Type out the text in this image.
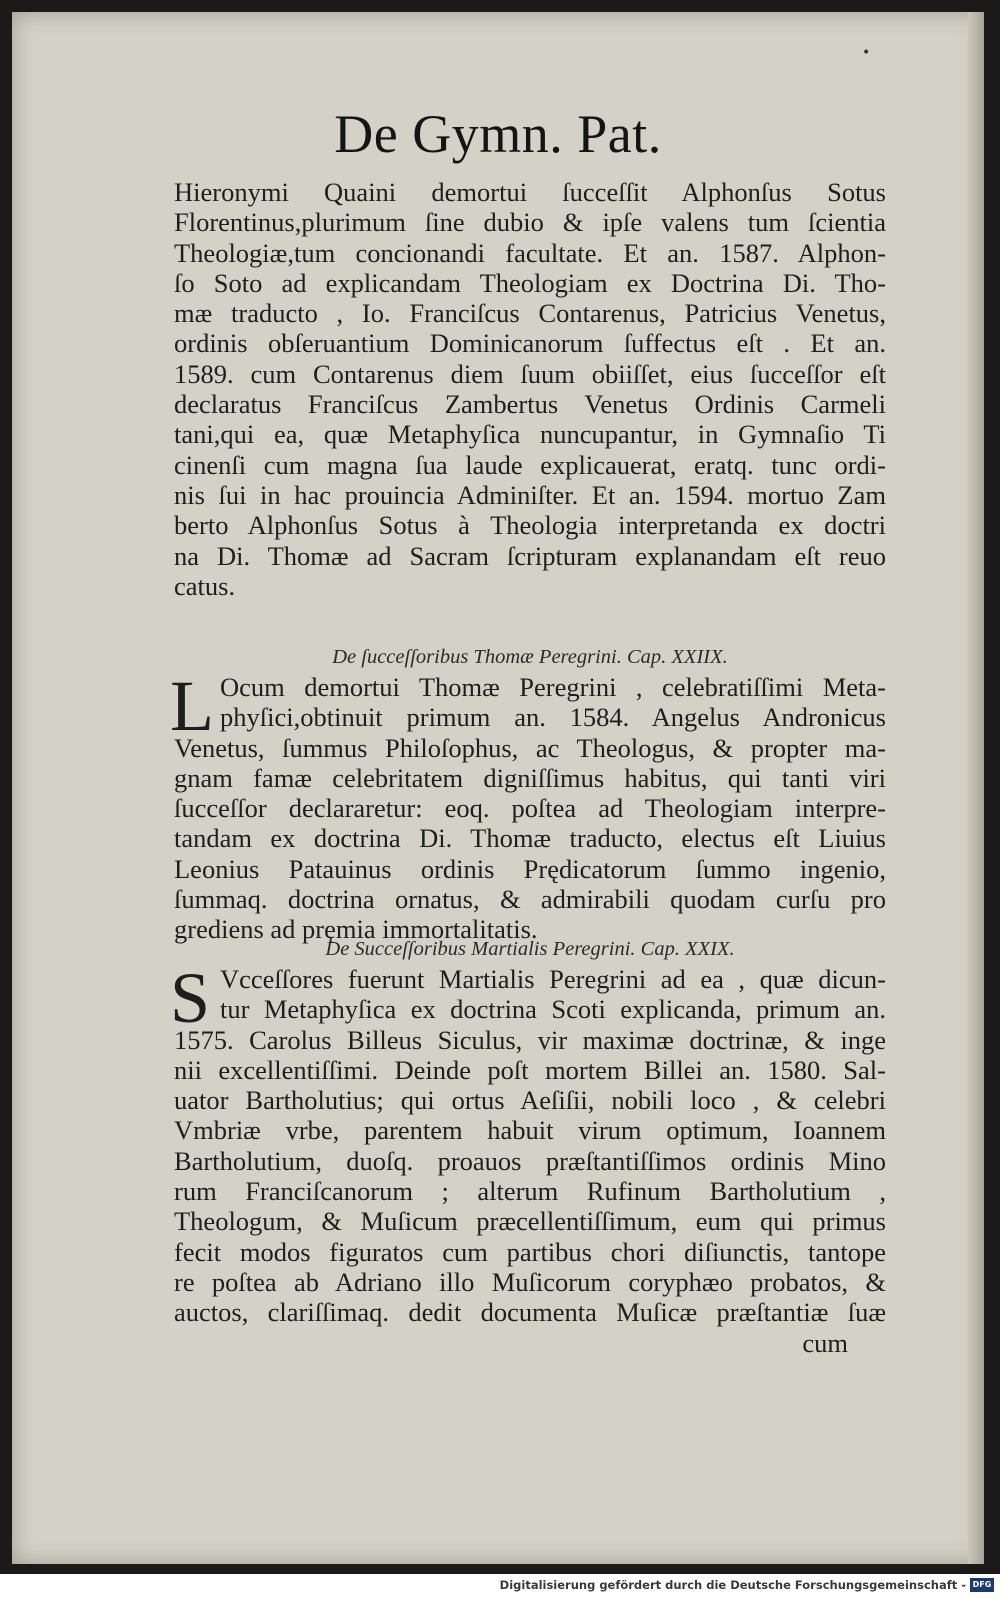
•
De Gymn. Pat.
Hieronymi Quaini demortui ſucceſſit Alphonſus Sotus
Florentinus,plurimum ſine dubio & ipſe valens tum ſcientia
Theologiæ,tum concionandi facultate. Et an. 1587. Alphon-
ſo Soto ad explicandam Theologiam ex Doctrina Di. Tho-
mæ traducto , Io. Franciſcus Contarenus, Patricius Venetus,
ordinis obſeruantium Dominicanorum ſuffectus eſt . Et an.
1589. cum Contarenus diem ſuum obiiſſet, eius ſucceſſor eſt
declaratus Franciſcus Zambertus Venetus Ordinis Carmeli
tani,qui ea, quæ Metaphyſica nuncupantur, in Gymnaſio Ti
cinenſi cum magna ſua laude explicauerat, eratq. tunc ordi-
nis ſui in hac prouincia Adminiſter. Et an. 1594. mortuo Zam
berto Alphonſus Sotus à Theologia interpretanda ex doctri
na Di. Thomæ ad Sacram ſcripturam explanandam eſt reuo
catus.
De ſucceſſoribus Thomæ Peregrini. Cap. XXIIX.
L Ocum demortui Thomæ Peregrini , celebratiſſimi Meta-
phyſici,obtinuit primum an. 1584. Angelus Andronicus
Venetus, ſummus Philoſophus, ac Theologus, & propter ma-
gnam famæ celebritatem digniſſimus habitus, qui tanti viri
ſucceſſor declararetur: eoq. poſtea ad Theologiam interpre-
tandam ex doctrina Di. Thomæ traducto, electus eſt Liuius
Leonius Patauinus ordinis Prędicatorum ſummo ingenio,
ſummaq. doctrina ornatus, & admirabili quodam curſu pro
grediens ad pręmia immortalitatis.
De Succeſſoribus Martialis Peregrini. Cap. XXIX.
S Vcceſſores fuerunt Martialis Peregrini ad ea , quæ dicun-
tur Metaphyſica ex doctrina Scoti explicanda, primum an.
1575. Carolus Billeus Siculus, vir maximæ doctrinæ, & inge
nii excellentiſſimi. Deinde poſt mortem Billei an. 1580. Sal-
uator Bartholutius; qui ortus Aeſiſii, nobili loco , & celebri
Vmbriæ vrbe, parentem habuit virum optimum, Ioannem
Bartholutium, duoſq. proauos præſtantiſſimos ordinis Mino
rum Franciſcanorum ; alterum Rufinum Bartholutium ,
Theologum, & Muſicum præcellentiſſimum, eum qui primus
fecit modos figuratos cum partibus chori diſiunctis, tantope
re poſtea ab Adriano illo Muſicorum coryphæo probatos, &
auctos, clariſſimaq. dedit documenta Muſicæ præſtantiæ ſuæ
cum
Digitalisierung gefördert durch die Deutsche Forschungsgemeinschaft - DFG
